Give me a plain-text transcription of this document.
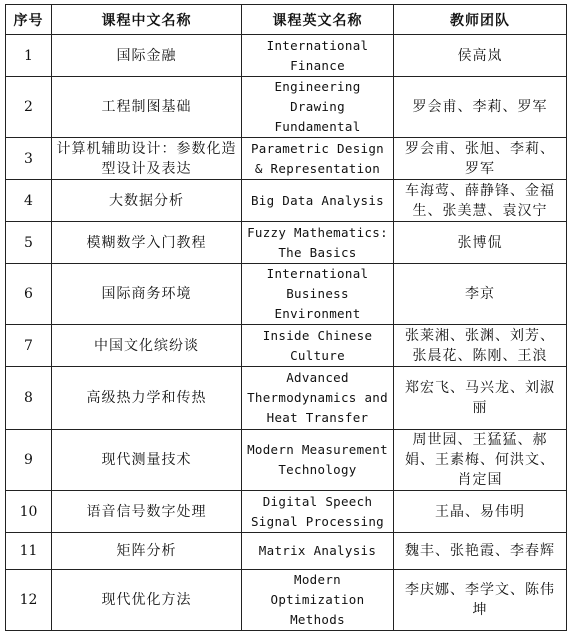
序号	课程中文名称	课程英文名称	教师团队
1	国际金融	International Finance	侯高岚
2	工程制图基础	Engineering Drawing Fundamental	罗会甫、李莉、罗军
3	计算机辅助设计：参数化造型设计及表达	Parametric Design & Representation	罗会甫、张旭、李莉、罗军
4	大数据分析	Big Data Analysis	车海莺、薛静锋、金福生、张美慧、袁汉宁
5	模糊数学入门教程	Fuzzy Mathematics: The Basics	张博侃
6	国际商务环境	International Business Environment	李京
7	中国文化缤纷谈	Inside Chinese Culture	张莱湘、张渊、刘芳、张晨花、陈刚、王浪
8	高级热力学和传热	Advanced Thermodynamics and Heat Transfer	郑宏飞、马兴龙、刘淑丽
9	现代测量技术	Modern Measurement Technology	周世园、王猛猛、郝娟、王素梅、何洪文、肖定国
10	语音信号数字处理	Digital Speech Signal Processing	王晶、易伟明
11	矩阵分析	Matrix Analysis	魏丰、张艳霞、李春辉
12	现代优化方法	Modern Optimization Methods	李庆娜、李学文、陈伟坤
